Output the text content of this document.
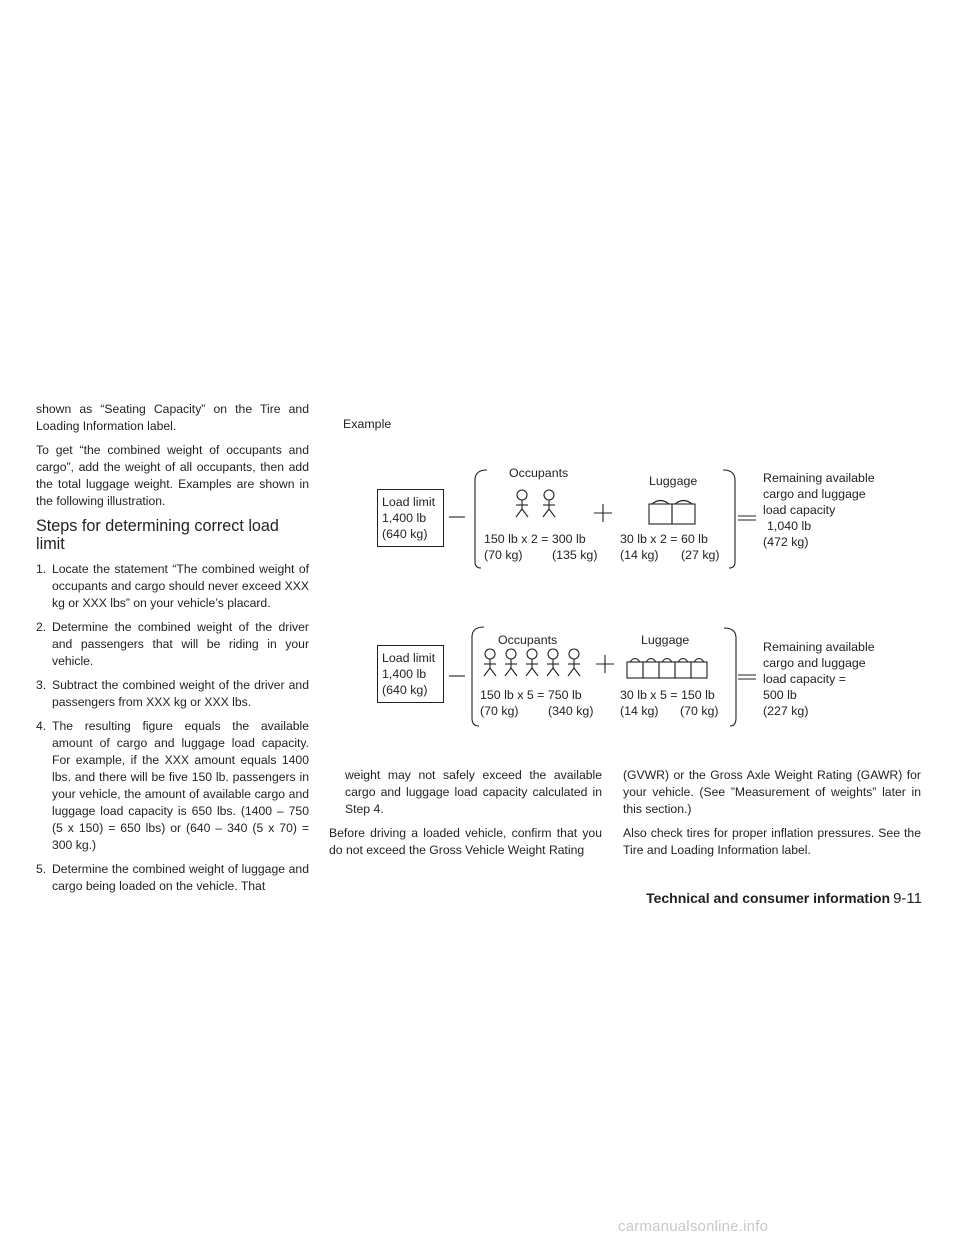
shown as “Seating Capacity” on the Tire and Loading Information label.

To get “the combined weight of occupants and cargo”, add the weight of all occupants, then add the total luggage weight. Examples are shown in the following illustration.

Steps for determining correct load limit
1. Locate the statement “The combined weight of occupants and cargo should never exceed XXX kg or XXX lbs” on your vehicle’s placard.
2. Determine the combined weight of the driver and passengers that will be riding in your vehicle.
3. Subtract the combined weight of the driver and passengers from XXX kg or XXX lbs.
4. The resulting figure equals the available amount of cargo and luggage load capacity. For example, if the XXX amount equals 1400 lbs. and there will be five 150 lb. passengers in your vehicle, the amount of available cargo and luggage load capacity is 650 lbs. (1400 – 750 (5 x 150) = 650 lbs) or (640 – 340 (5 x 70) = 300 kg.)
5. Determine the combined weight of luggage and cargo being loaded on the vehicle. That
Example
Load limit
1,400 lb
(640 kg)
Occupants
Luggage
150 lb x 2 = 300 lb
(70 kg) (135 kg)
30 lb x 2 = 60 lb
(14 kg) (27 kg)
Remaining available
cargo and luggage
load capacity
1,040 lb
(472 kg)
Load limit
1,400 lb
(640 kg)
Occupants	Luggage
150 lb x 5 = 750 lb
(70 kg) (340 kg)
30 lb x 5 = 150 lb
(14 kg) (70 kg)
Remaining available
cargo and luggage
load capacity =
500 lb
(227 kg)

weight may not safely exceed the available cargo and luggage load capacity calculated in Step 4.

Before driving a loaded vehicle, confirm that you do not exceed the Gross Vehicle Weight Rating

(GVWR) or the Gross Axle Weight Rating (GAWR) for your vehicle. (See ”Measurement of weights” later in this section.)

Also check tires for proper inflation pressures. See the Tire and Loading Information label.

Technical and consumer information 9-11
carmanualsonline.info
